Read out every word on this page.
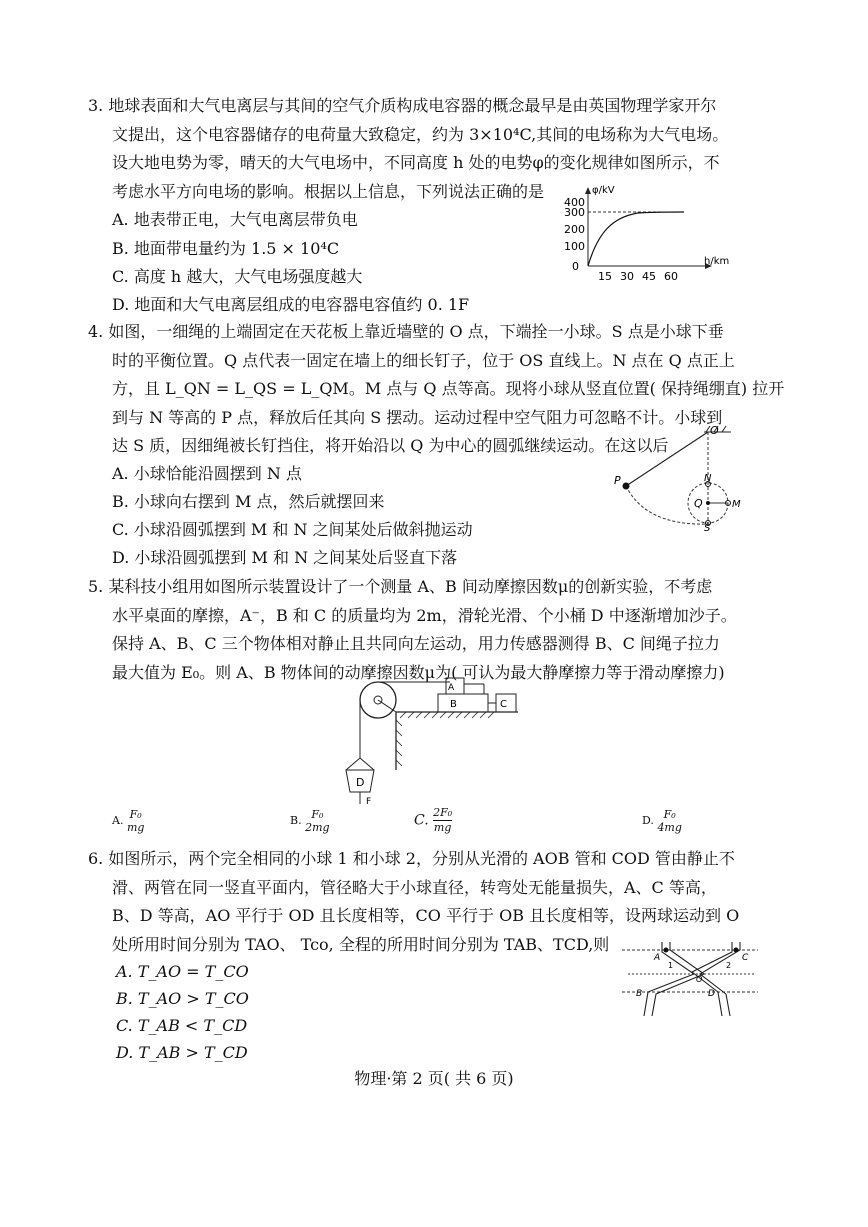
3. 地球表面和大气电离层与其间的空气介质构成电容器的概念最早是由英国物理学家开尔

文提出，这个电容器储存的电荷量大致稳定，约为 3×10⁴C,其间的电场称为大气电场。

设大地电势为零，晴天的大气电场中，不同高度 h 处的电势φ的变化规律如图所示，不

考虑水平方向电场的影响。根据以上信息，下列说法正确的是

A. 地表带正电，大气电离层带负电
B. 地面带电量约为 1.5 × 10⁴C
C. 高度 h 越大，大气电场强度越大
D. 地面和大气电离层组成的电容器电容值约 0. 1F
φ/kV
h/km
400
300
200
100
0
15 30 45 60

4. 如图，一细绳的上端固定在天花板上靠近墙壁的 O 点，下端拴一小球。S 点是小球下垂

时的平衡位置。Q 点代表一固定在墙上的细长钉子，位于 OS 直线上。N 点在 Q 点正上

方，且 L_QN = L_QS = L_QM。M 点与 Q 点等高。现将小球从竖直位置( 保持绳绷直) 拉开

到与 N 等高的 P 点，释放后任其向 S 摆动。运动过程中空气阻力可忽略不计。小球到

达 S 质，因细绳被长钉挡住，将开始沿以 Q 为中心的圆弧继续运动。在这以后

A. 小球恰能沿圆摆到 N 点
B. 小球向右摆到 M 点，然后就摆回来
C. 小球沿圆弧摆到 M 和 N 之间某处后做斜抛运动
D. 小球沿圆弧摆到 M 和 N 之间某处后竖直下落
O
P	N
Q	M
S

5. 某科技小组用如图所示装置设计了一个测量 A、B 间动摩擦因数μ的创新实验，不考虑

水平桌面的摩擦，A⁻，B 和 C 的质量均为 2m，滑轮光滑、个小桶 D 中逐渐增加沙子。

保持 A、B、C 三个物体相对静止且共同向左运动，用力传感器测得 B、C 间绳子拉力

最大值为 E₀。则 A、B 物体间的动摩擦因数μ为( 可认为最大静摩擦力等于滑动摩擦力)

A
B	C
D
F
A. F₀
mg
B. F₀
2mg	C. $\frac{\text{2F₀}}{mg}$	D. F₀
4mg

6. 如图所示，两个完全相同的小球 1 和小球 2，分别从光滑的 AOB 管和 COD 管由静止不

滑、两管在同一竖直平面内，管径略大于小球直径，转弯处无能量损失，A、C 等高，

B、D 等高，AO 平行于 OD 且长度相等，CO 平行于 OB 且长度相等，设两球运动到 O

处所用时间分别为 TAO、 Tco, 全程的所用时间分别为 TAB、TCD,则

A. T_AO = T_CO
B. T_AO > T_CO
C. T_AB < T_CD
D. T_AB > T_CD
A	C
B	D
O
1	2
物理·第 2 页( 共 6 页)
